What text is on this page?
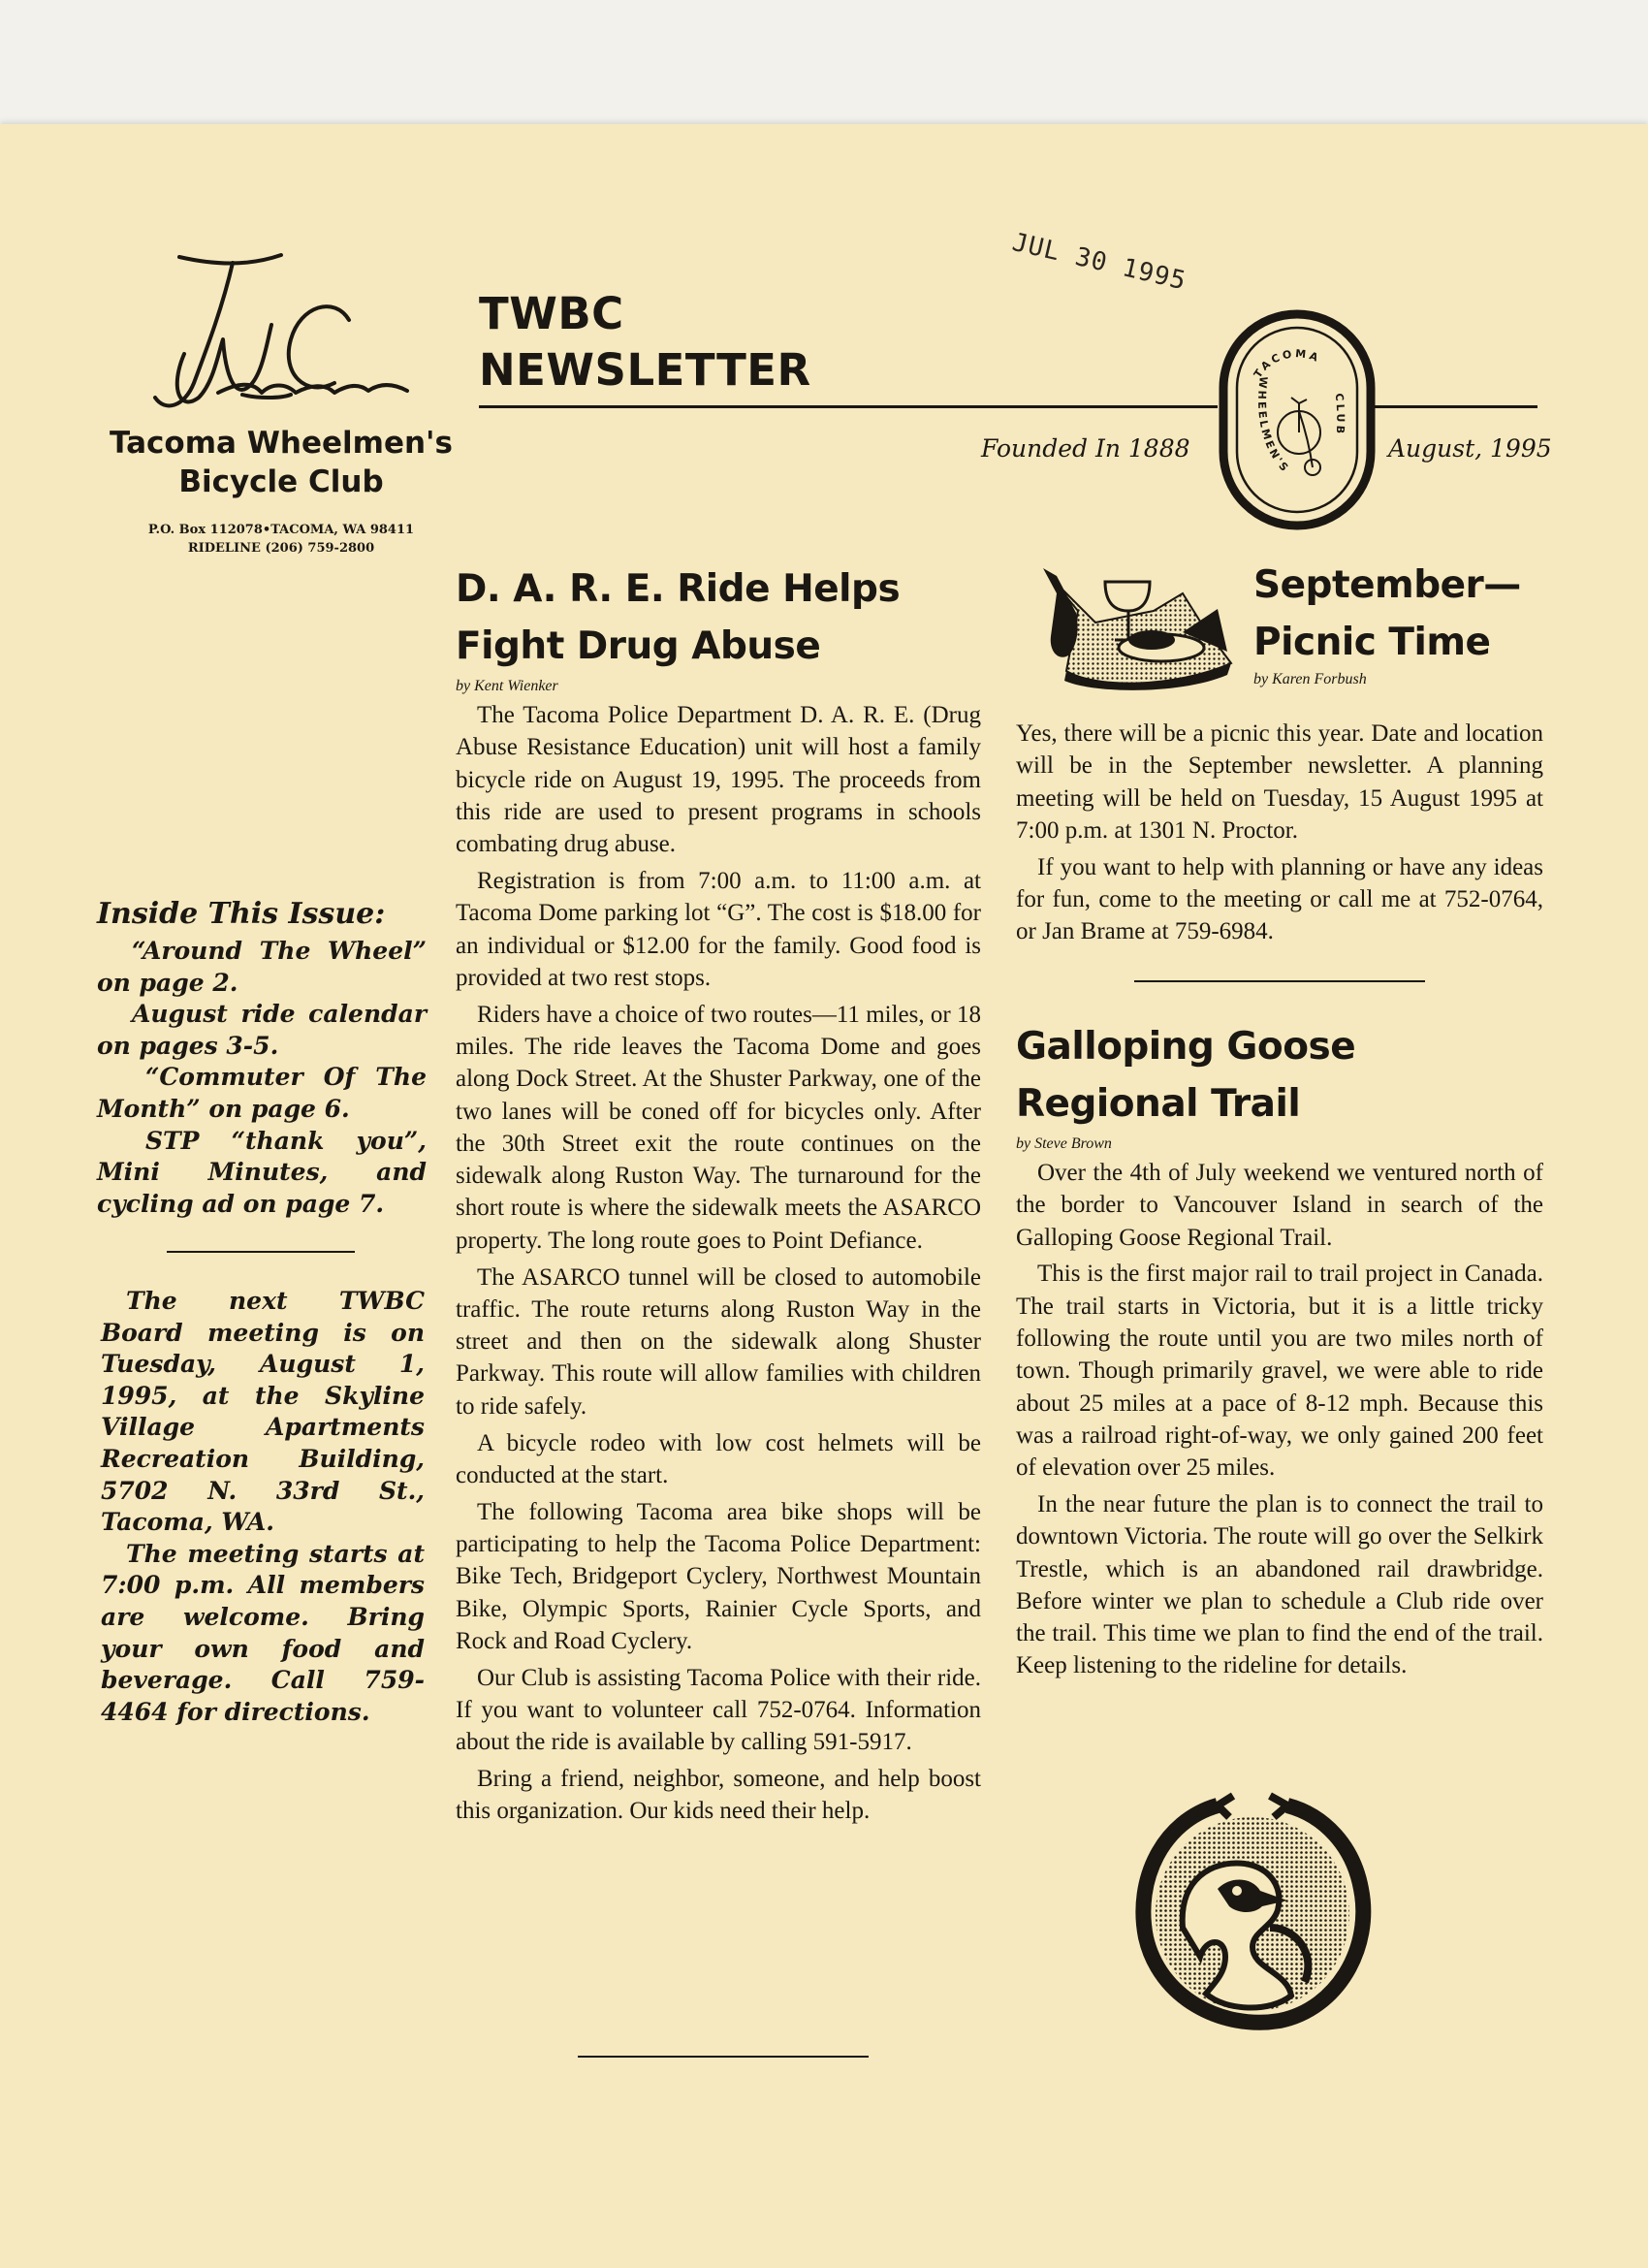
Tacoma Wheelmen's
Bicycle Club
P.O. Box 112078•TACOMA, WA 98411
RIDELINE (206) 759-2800
TWBC
NEWSLETTER
JUL 30 1995
Founded In 1888	August, 1995
TACOMA
WHEELMEN'S
CLUB
Inside This Issue:

“Around The Wheel” on page 2.

August ride calendar on pages 3-5.

“Commuter Of The Month” on page 6.

STP “thank you”, Mini Minutes, and cycling ad on page 7.

The next TWBC Board meeting is on Tuesday, August 1, 1995, at the Skyline Village Apartments Recreation Building, 5702 N. 33rd St., Tacoma, WA.

The meeting starts at 7:00 p.m. All members are welcome. Bring your own food and beverage. Call 759-4464 for directions.

D. A. R. E. Ride Helps
Fight Drug Abuse
by Kent Wienker

The Tacoma Police Department D. A. R. E. (Drug Abuse Resistance Education) unit will host a family bicycle ride on August 19, 1995. The proceeds from this ride are used to present programs in schools combating drug abuse.

Registration is from 7:00 a.m. to 11:00 a.m. at Tacoma Dome parking lot “G”. The cost is $18.00 for an individual or $12.00 for the family. Good food is provided at two rest stops.

Riders have a choice of two routes—11 miles, or 18 miles. The ride leaves the Tacoma Dome and goes along Dock Street. At the Shuster Parkway, one of the two lanes will be coned off for bicycles only. After the 30th Street exit the route continues on the sidewalk along Ruston Way. The turnaround for the short route is where the sidewalk meets the ASARCO property. The long route goes to Point Defiance.

The ASARCO tunnel will be closed to automobile traffic. The route returns along Ruston Way in the street and then on the sidewalk along Shuster Parkway. This route will allow families with children to ride safely.

A bicycle rodeo with low cost helmets will be conducted at the start.

The following Tacoma area bike shops will be participating to help the Tacoma Police Department: Bike Tech, Bridgeport Cyclery, Northwest Mountain Bike, Olympic Sports, Rainier Cycle Sports, and Rock and Road Cyclery.

Our Club is assisting Tacoma Police with their ride. If you want to volunteer call 752-0764. Information about the ride is available by calling 591-5917.

Bring a friend, neighbor, someone, and help boost this organization. Our kids need their help.

September—
Picnic Time
by Karen Forbush

Yes, there will be a picnic this year. Date and location will be in the September newsletter. A planning meeting will be held on Tuesday, 15 August 1995 at 7:00 p.m. at 1301 N. Proctor.

If you want to help with planning or have any ideas for fun, come to the meeting or call me at 752-0764, or Jan Brame at 759-6984.

Galloping Goose
Regional Trail
by Steve Brown

Over the 4th of July weekend we ventured north of the border to Vancouver Island in search of the Galloping Goose Regional Trail.

This is the first major rail to trail project in Canada. The trail starts in Victoria, but it is a little tricky following the route until you are two miles north of town. Though primarily gravel, we were able to ride about 25 miles at a pace of 8-12 mph. Because this was a railroad right-of-way, we only gained 200 feet of elevation over 25 miles.

In the near future the plan is to connect the trail to downtown Victoria. The route will go over the Selkirk Trestle, which is an abandoned rail drawbridge. Before winter we plan to schedule a Club ride over the trail. This time we plan to find the end of the trail. Keep listening to the rideline for details.
